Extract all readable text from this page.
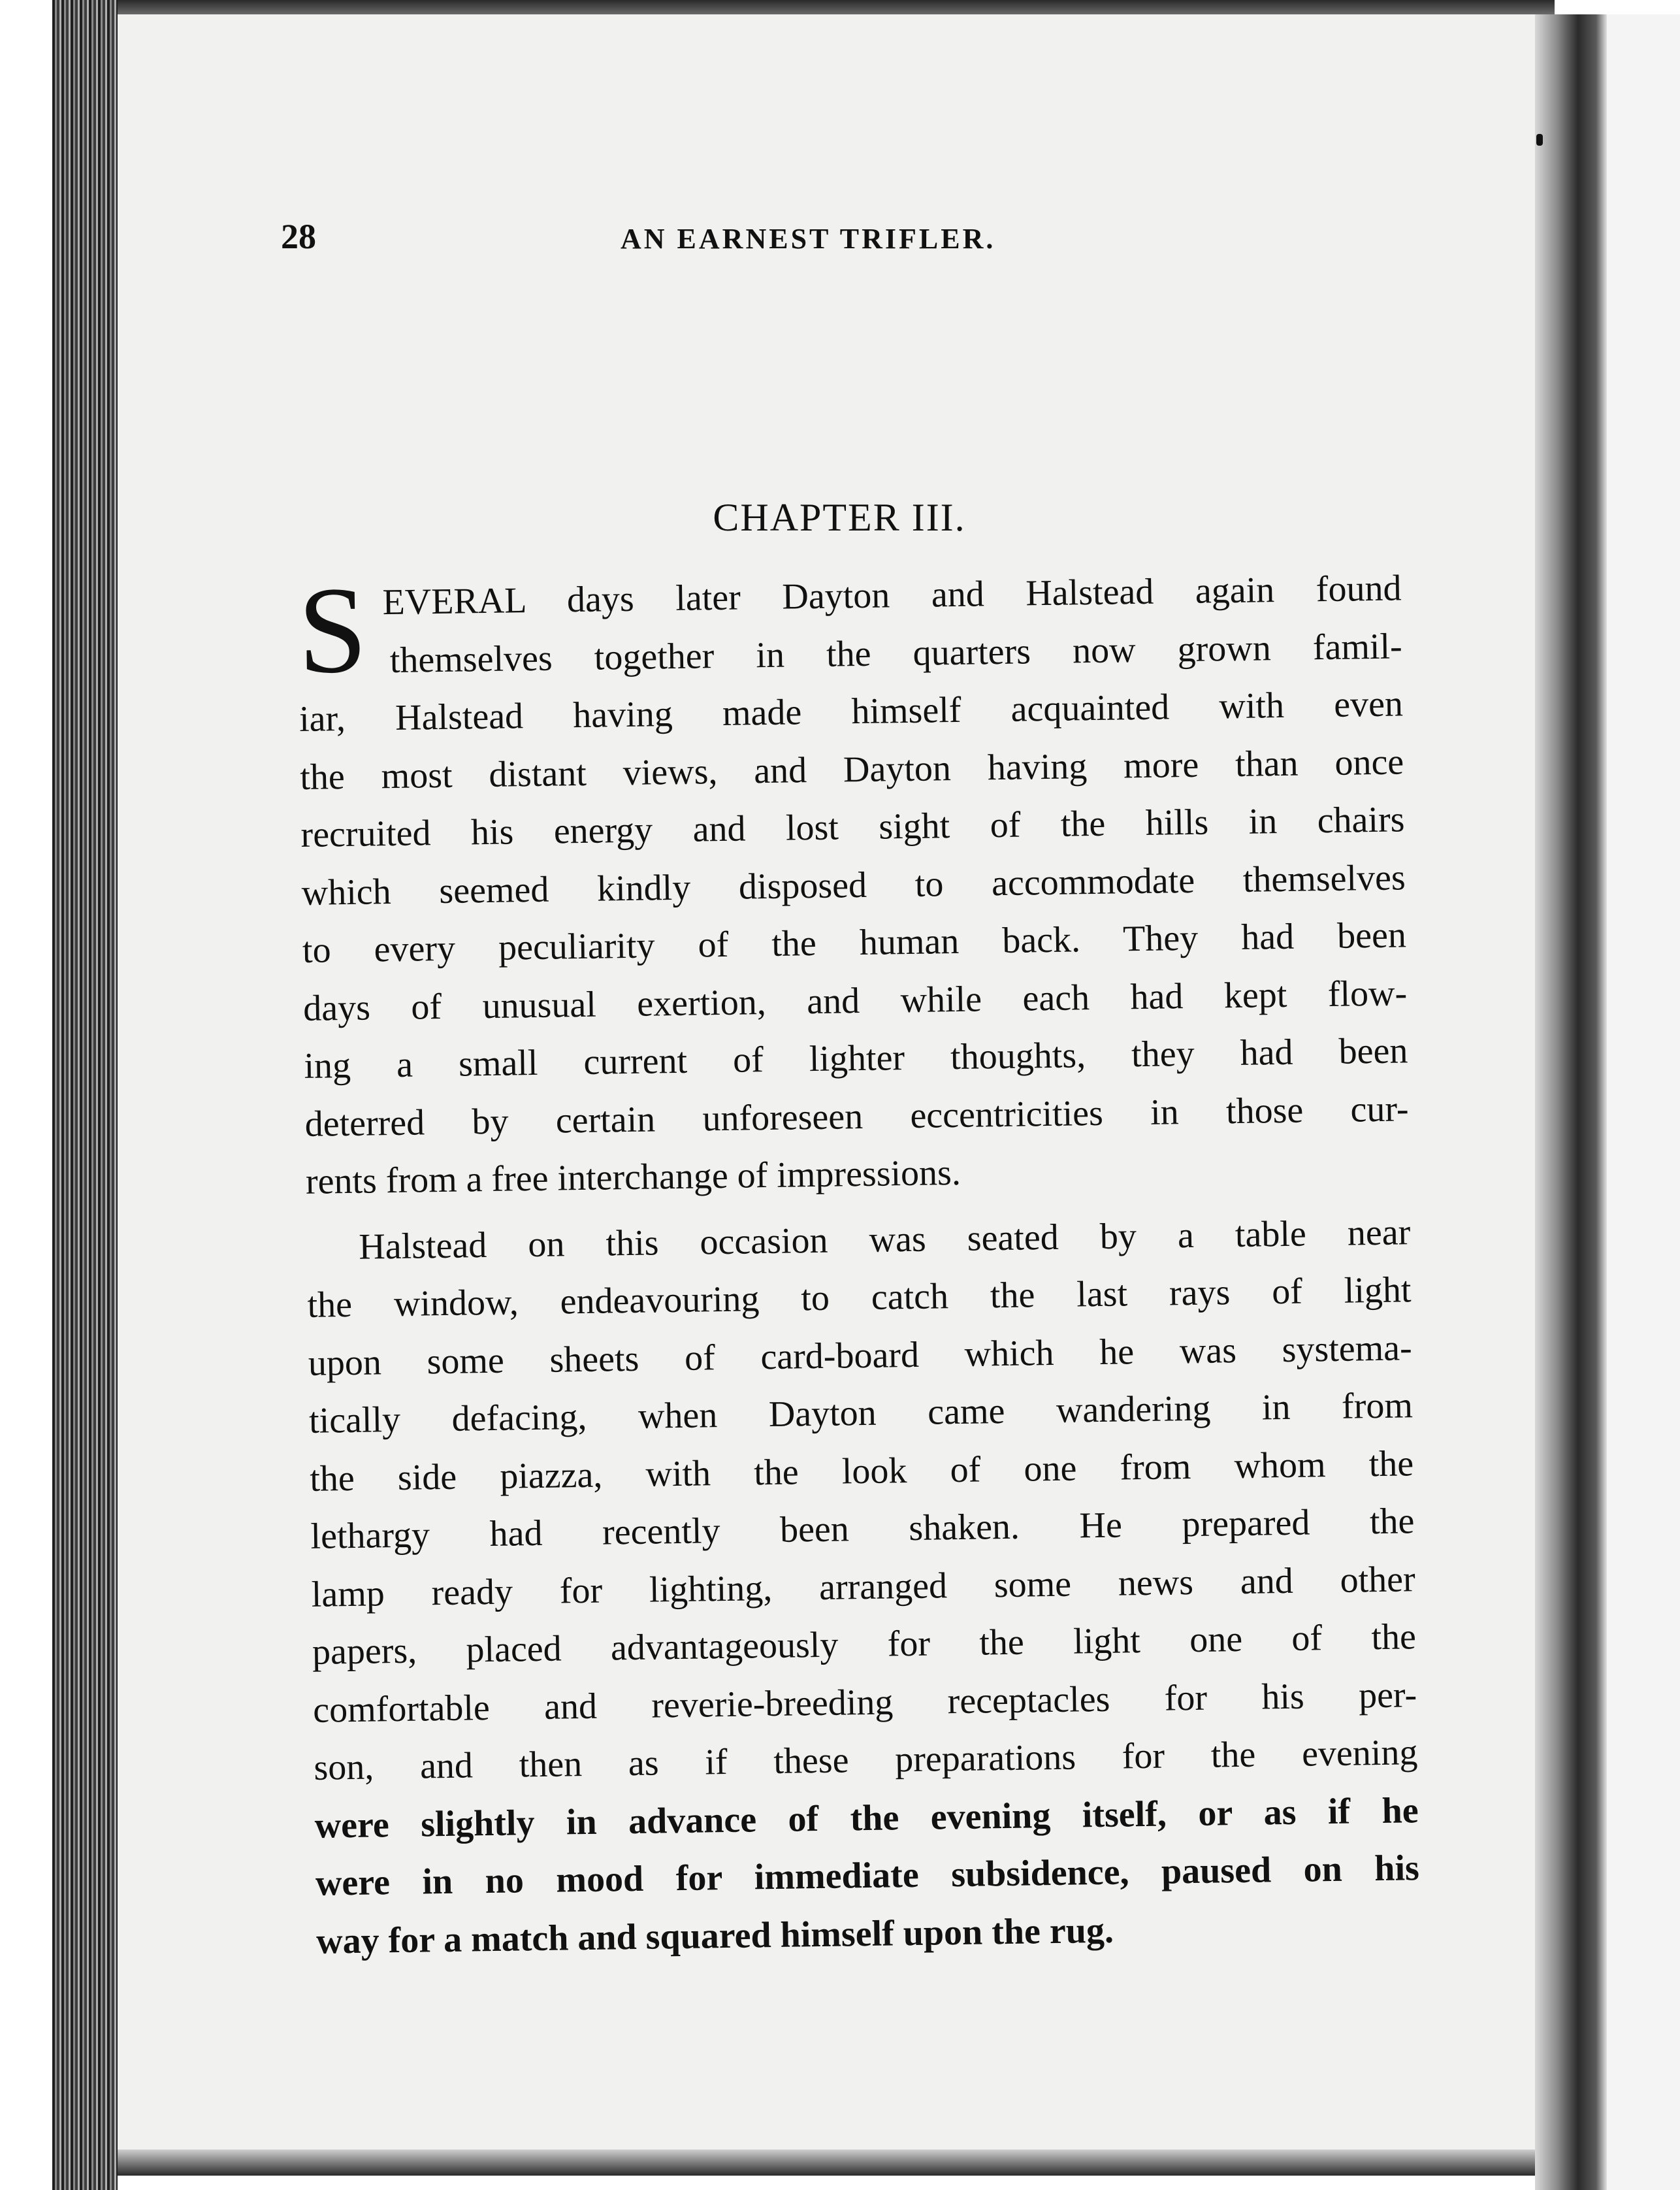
28	AN EARNEST TRIFLER.
CHAPTER III.
S EVERAL days later Dayton and Halstead again found
themselves together in the quarters now grown famil-
iar, Halstead having made himself acquainted with even
the most distant views, and Dayton having more than once
recruited his energy and lost sight of the hills in chairs
which seemed kindly disposed to accommodate themselves
to every peculiarity of the human back. They had been
days of unusual exertion, and while each had kept flow-
ing a small current of lighter thoughts, they had been
deterred by certain unforeseen eccentricities in those cur-
rents from a free interchange of impressions.
Halstead on this occasion was seated by a table near
the window, endeavouring to catch the last rays of light
upon some sheets of card-board which he was systema-
tically defacing, when Dayton came wandering in from
the side piazza, with the look of one from whom the
lethargy had recently been shaken. He prepared the
lamp ready for lighting, arranged some news and other
papers, placed advantageously for the light one of the
comfortable and reverie-breeding receptacles for his per-
son, and then as if these preparations for the evening
were slightly in advance of the evening itself, or as if he
were in no mood for immediate subsidence, paused on his
way for a match and squared himself upon the rug.
